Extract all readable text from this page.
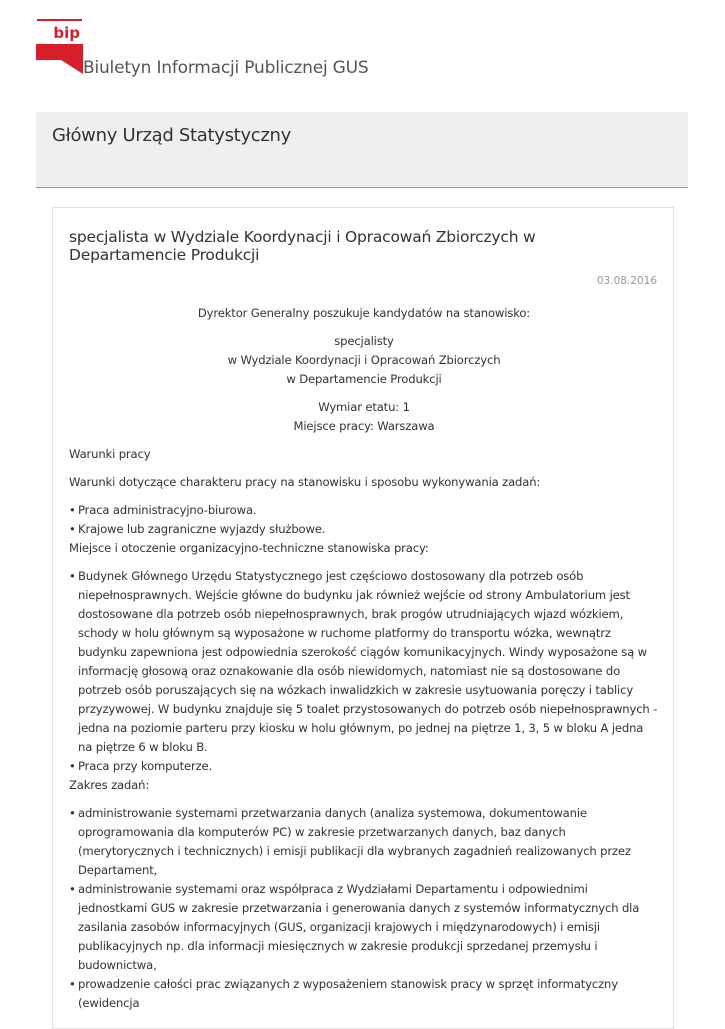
bip
Biuletyn Informacji Publicznej GUS
Główny Urząd Statystyczny
specjalista w Wydziale Koordynacji i Opracowań Zbiorczych w Departamencie Produkcji
03.08.2016

Dyrektor Generalny poszukuje kandydatów na stanowisko:

specjalisty

w Wydziale Koordynacji i Opracowań Zbiorczych

w Departamencie Produkcji

Wymiar etatu: 1

Miejsce pracy: Warszawa

Warunki pracy

Warunki dotyczące charakteru pracy na stanowisku i sposobu wykonywania zadań:

• Praca administracyjno-biurowa.
• Krajowe lub zagraniczne wyjazdy służbowe.

Miejsce i otoczenie organizacyjno-techniczne stanowiska pracy:

• Budynek Głównego Urzędu Statystycznego jest częściowo dostosowany dla potrzeb osób niepełnosprawnych. Wejście główne do budynku jak również wejście od strony Ambulatorium jest dostosowane dla potrzeb osób niepełnosprawnych, brak progów utrudniających wjazd wózkiem, schody w holu głównym są wyposażone w ruchome platformy do transportu wózka, wewnątrz budynku zapewniona jest odpowiednia szerokość ciągów komunikacyjnych. Windy wyposażone są w informację głosową oraz oznakowanie dla osób niewidomych, natomiast nie są dostosowane do potrzeb osób poruszających się na wózkach inwalidzkich w zakresie usytuowania poręczy i tablicy przyzywowej. W budynku znajduje się 5 toalet przystosowanych do potrzeb osób niepełnosprawnych - jedna na poziomie parteru przy kiosku w holu głównym, po jednej na piętrze 1, 3, 5 w bloku A jedna na piętrze 6 w bloku B.
• Praca przy komputerze.

Zakres zadań:

• administrowanie systemami przetwarzania danych (analiza systemowa, dokumentowanie oprogramowania dla komputerów PC) w zakresie przetwarzanych danych, baz danych (merytorycznych i technicznych) i emisji publikacji dla wybranych zagadnień realizowanych przez Departament,
• administrowanie systemami oraz współpraca z Wydziałami Departamentu i odpowiednimi jednostkami GUS w zakresie przetwarzania i generowania danych z systemów informatycznych dla zasilania zasobów informacyjnych (GUS, organizacji krajowych i międzynarodowych) i emisji publikacyjnych np. dla informacji miesięcznych w zakresie produkcji sprzedanej przemysłu i budownictwa,
• prowadzenie całości prac związanych z wyposażeniem stanowisk pracy w sprzęt informatyczny (ewidencja
